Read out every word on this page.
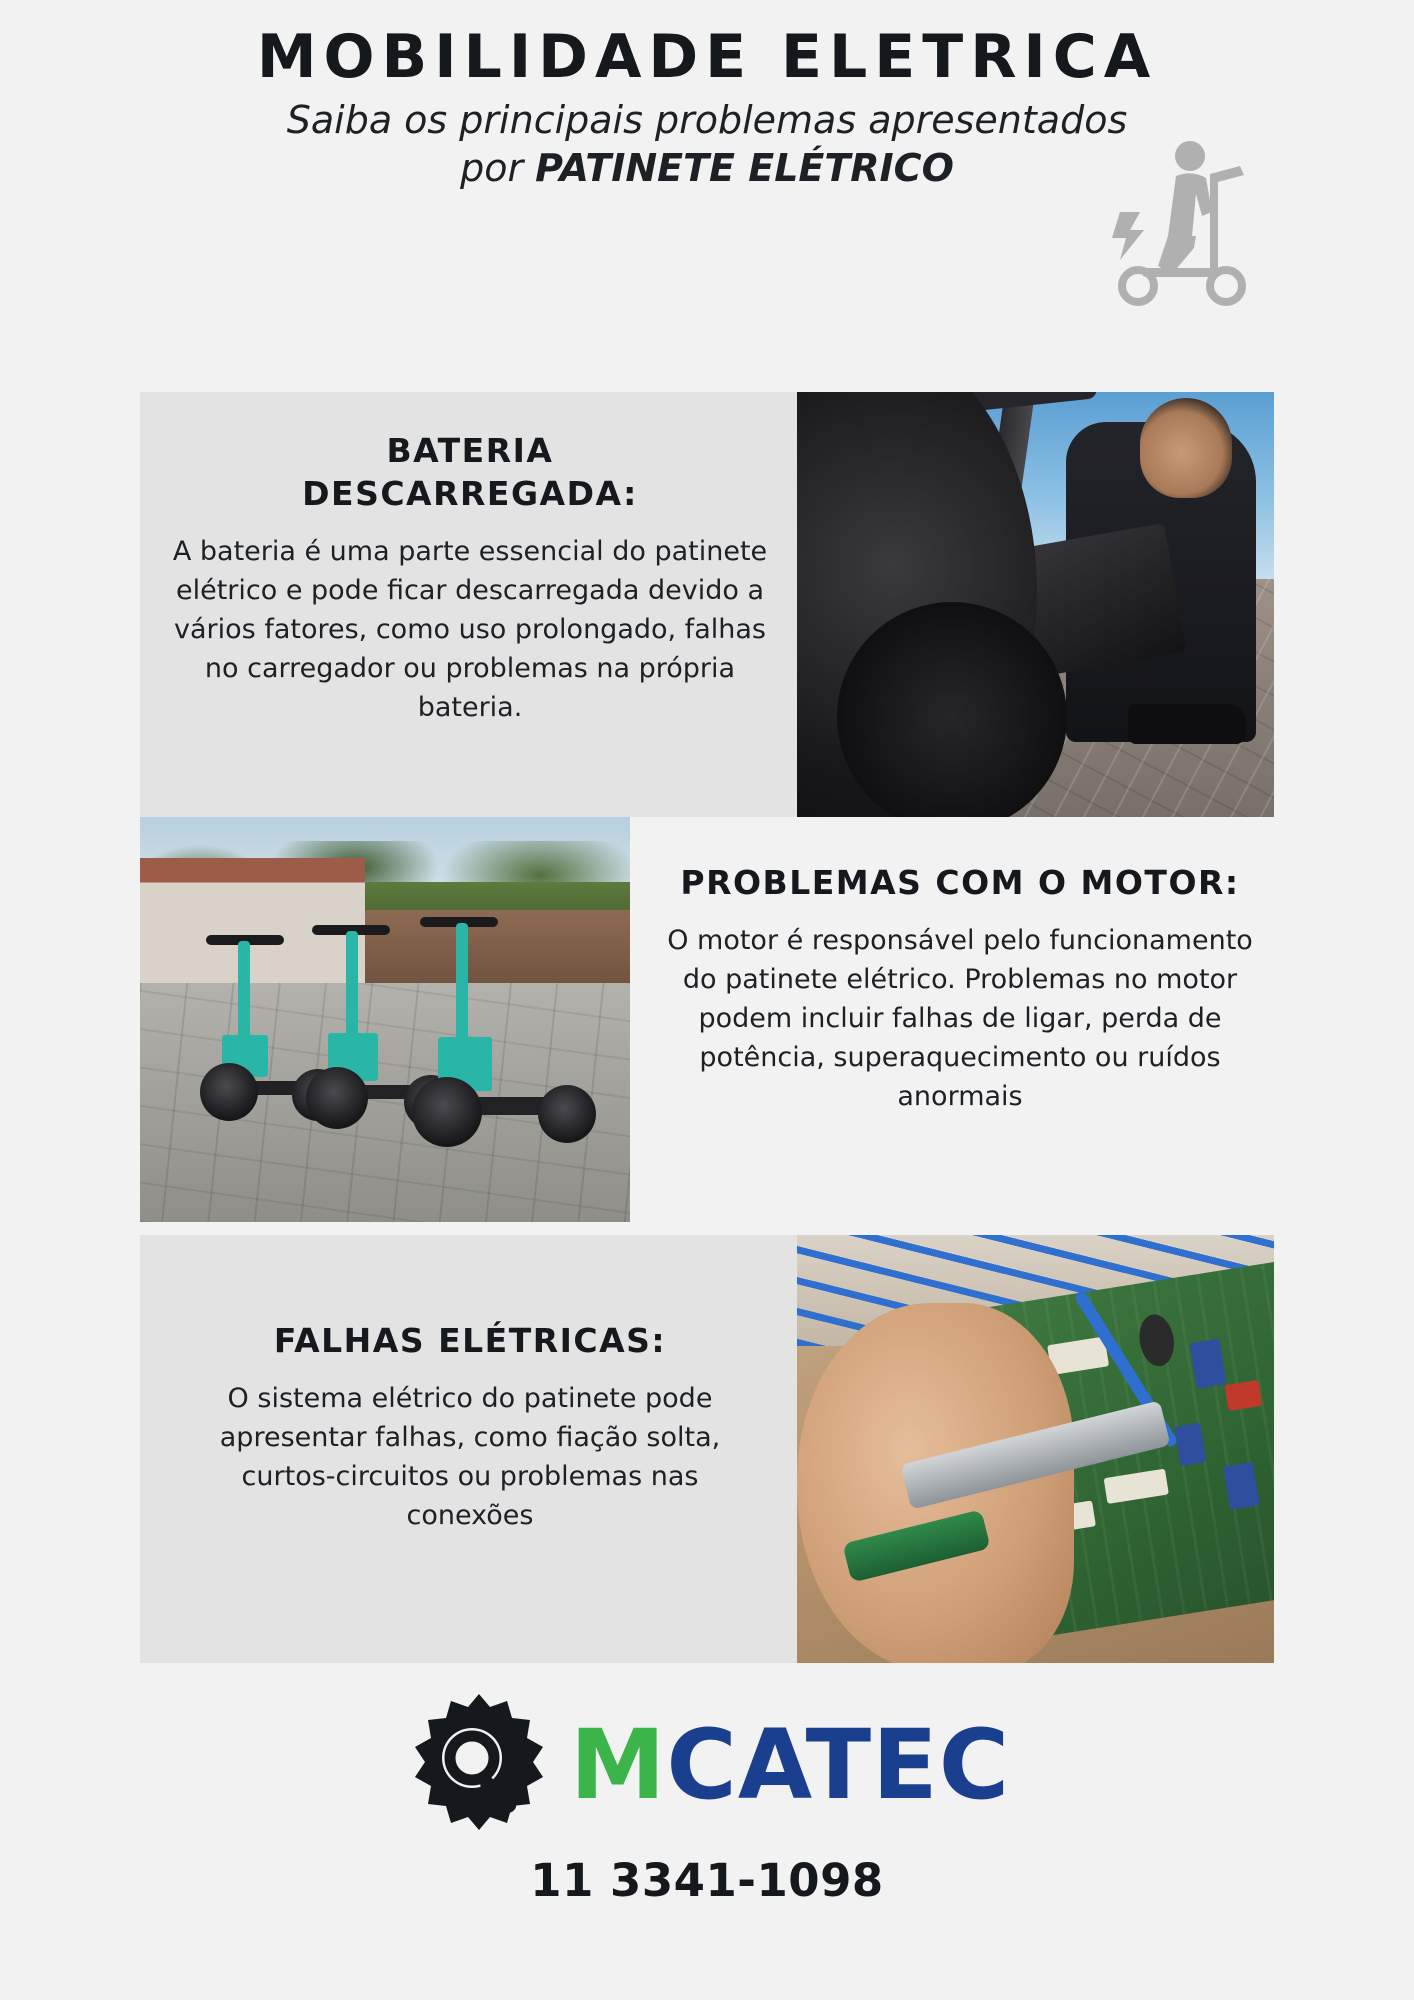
MOBILIDADE ELETRICA

Saiba os principais problemas apresentados
por PATINETE ELÉTRICO

BATERIA
DESCARREGADA:

A bateria é uma parte essencial do patinete elétrico e pode ficar descarregada devido a vários fatores, como uso prolongado, falhas no carregador ou problemas na própria bateria.

PROBLEMAS COM O MOTOR:

O motor é responsável pelo funcionamento do patinete elétrico. Problemas no motor podem incluir falhas de ligar, perda de potência, superaquecimento ou ruídos anormais

FALHAS ELÉTRICAS:

O sistema elétrico do patinete pode apresentar falhas, como fiação solta, curtos-circuitos ou problemas nas conexões

M CATEC
11 3341-1098
